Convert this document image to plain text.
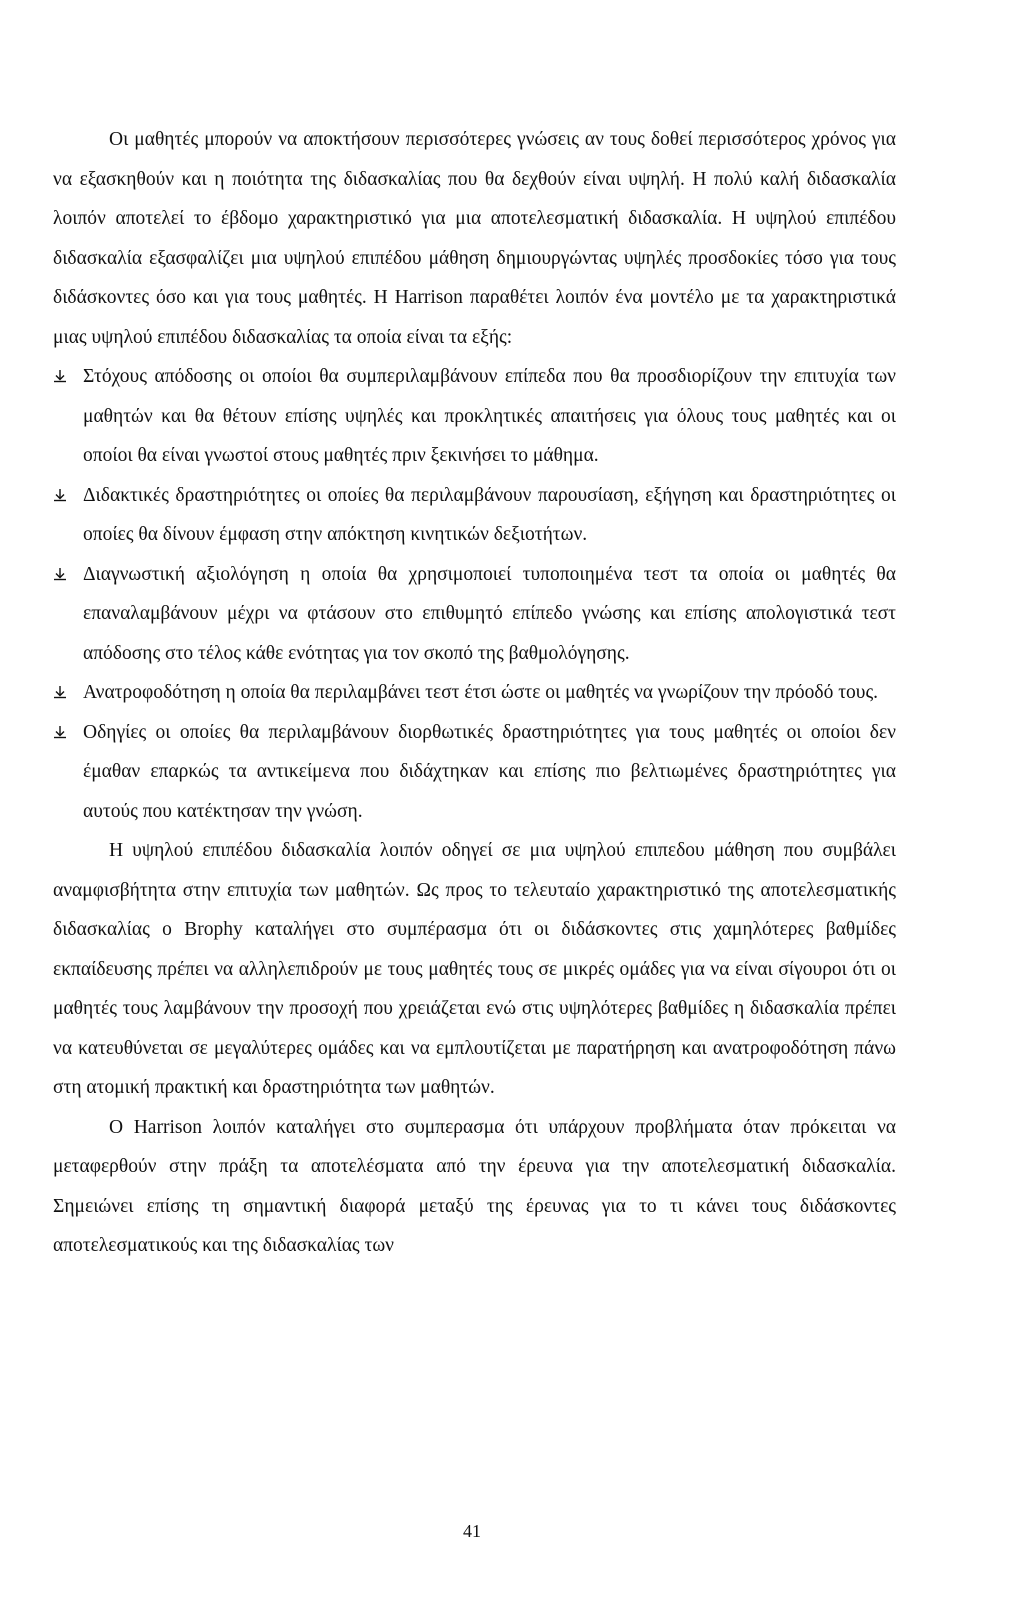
Οι μαθητές μπορούν να αποκτήσουν περισσότερες γνώσεις αν τους δοθεί περισσότερος χρόνος για να εξασκηθούν και η ποιότητα της διδασκαλίας που θα δεχθούν είναι υψηλή. Η πολύ καλή διδασκαλία λοιπόν αποτελεί το έβδομο χαρακτηριστικό για μια αποτελεσματική διδασκαλία. Η υψηλού επιπέδου διδασκαλία εξασφαλίζει μια υψηλού επιπέδου μάθηση δημιουργώντας υψηλές προσδοκίες τόσο για τους διδάσκοντες όσο και για τους μαθητές. Η Harrison παραθέτει λοιπόν ένα μοντέλο με τα χαρακτηριστικά μιας υψηλού επιπέδου διδασκαλίας τα οποία είναι τα εξής:

Στόχους απόδοσης οι οποίοι θα συμπεριλαμβάνουν επίπεδα που θα προσδιορίζουν την επιτυχία των μαθητών και θα θέτουν επίσης υψηλές και προκλητικές απαιτήσεις για όλους τους μαθητές και οι οποίοι θα είναι γνωστοί στους μαθητές πριν ξεκινήσει το μάθημα.
Διδακτικές δραστηριότητες οι οποίες θα περιλαμβάνουν παρουσίαση, εξήγηση και δραστηριότητες οι οποίες θα δίνουν έμφαση στην απόκτηση κινητικών δεξιοτήτων.
Διαγνωστική αξιολόγηση η οποία θα χρησιμοποιεί τυποποιημένα τεστ τα οποία οι μαθητές θα επαναλαμβάνουν μέχρι να φτάσουν στο επιθυμητό επίπεδο γνώσης και επίσης απολογιστικά τεστ απόδοσης στο τέλος κάθε ενότητας για τον σκοπό της βαθμολόγησης.
Ανατροφοδότηση η οποία θα περιλαμβάνει τεστ έτσι ώστε οι μαθητές να γνωρίζουν την πρόοδό τους.
Οδηγίες οι οποίες θα περιλαμβάνουν διορθωτικές δραστηριότητες για τους μαθητές οι οποίοι δεν έμαθαν επαρκώς τα αντικείμενα που διδάχτηκαν και επίσης πιο βελτιωμένες δραστηριότητες για αυτούς που κατέκτησαν την γνώση.

Η υψηλού επιπέδου διδασκαλία λοιπόν οδηγεί σε μια υψηλού επιπεδου μάθηση που συμβάλει αναμφισβήτητα στην επιτυχία των μαθητών. Ως προς το τελευταίο χαρακτηριστικό της αποτελεσματικής διδασκαλίας ο Brophy καταλήγει στο συμπέρασμα ότι οι διδάσκοντες στις χαμηλότερες βαθμίδες εκπαίδευσης πρέπει να αλληλεπιδρούν με τους μαθητές τους σε μικρές ομάδες για να είναι σίγουροι ότι οι μαθητές τους λαμβάνουν την προσοχή που χρειάζεται ενώ στις υψηλότερες βαθμίδες η διδασκαλία πρέπει να κατευθύνεται σε μεγαλύτερες ομάδες και να εμπλουτίζεται με παρατήρηση και ανατροφοδότηση πάνω στη ατομική πρακτική και δραστηριότητα των μαθητών.

Ο Harrison λοιπόν καταλήγει στο συμπερασμα ότι υπάρχουν προβλήματα όταν πρόκειται να μεταφερθούν στην πράξη τα αποτελέσματα από την έρευνα για την αποτελεσματική διδασκαλία. Σημειώνει επίσης τη σημαντική διαφορά μεταξύ της έρευνας για το τι κάνει τους διδάσκοντες αποτελεσματικούς και της διδασκαλίας των

41
